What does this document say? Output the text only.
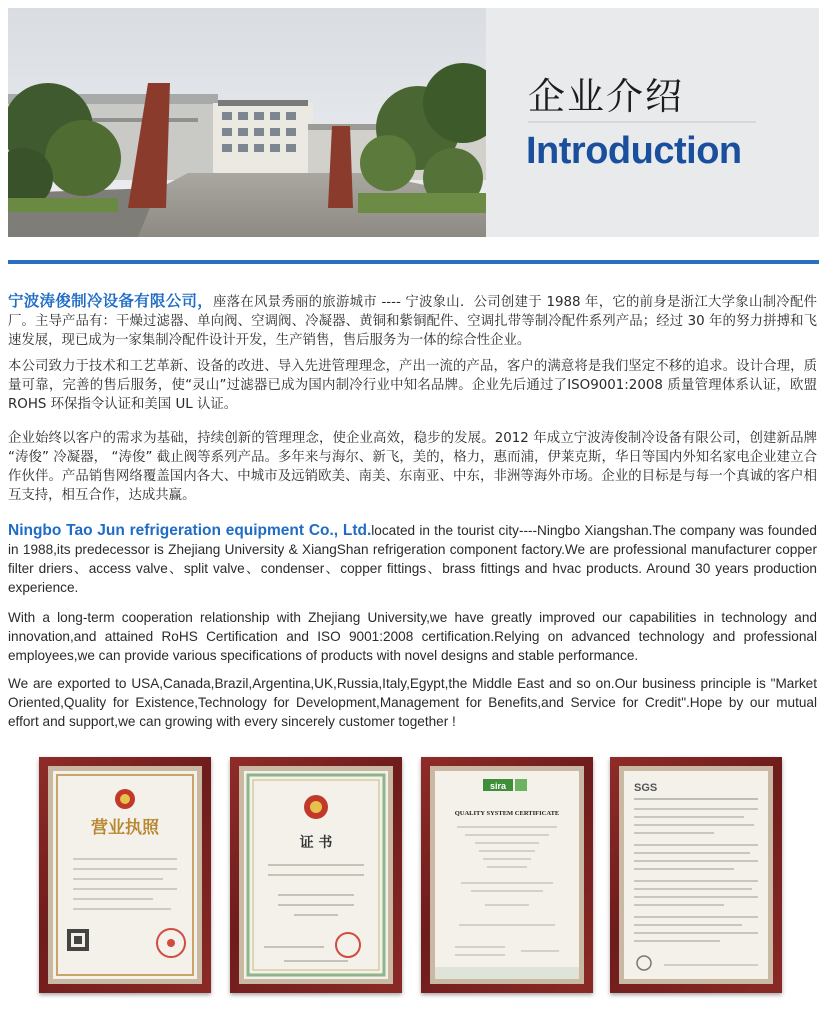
企业介绍
Introduction

宁波涛俊制冷设备有限公司，座落在风景秀丽的旅游城市 ---- 宁波象山．公司创建于 1988 年，它的前身是浙江大学象山制冷配件厂。主导产品有：干燥过滤器、单向阀、空调阀、冷凝器、黄铜和紫铜配件、空调扎带等制冷配件系列产品；经过 30 年的努力拼搏和飞速发展，现已成为一家集制冷配件设计开发，生产销售，售后服务为一体的综合性企业。

本公司致力于技术和工艺革新、设备的改进、导入先进管理理念，产出一流的产品，客户的满意将是我们坚定不移的追求。设计合理，质量可靠，完善的售后服务，使“灵山”过滤器已成为国内制冷行业中知名品牌。企业先后通过了ISO9001:2008 质量管理体系认证，欧盟 ROHS 环保指令认证和美国 UL 认证。

企业始终以客户的需求为基础，持续创新的管理理念，使企业高效，稳步的发展。2012 年成立宁波涛俊制冷设备有限公司，创建新品牌 “涛俊” 冷凝器， “涛俊” 截止阀等系列产品。多年来与海尔、新飞，美的，格力，惠而浦，伊莱克斯，华日等国内外知名家电企业建立合作伙伴。产品销售网络覆盖国内各大、中城市及远销欧美、南美、东南亚、中东，非洲等海外市场。企业的目标是与每一个真诚的客户相互支持，相互合作，达成共赢。

Ningbo Tao Jun refrigeration equipment Co., Ltd.located in the tourist city----Ningbo Xiangshan.The company was founded in 1988,its predecessor is Zhejiang University & XiangShan refrigeration component factory.We are professional manufacturer copper filter driers、access valve、split valve、condenser、copper fittings、brass fittings and hvac products. Around 30 years production experience.

With a long-term cooperation relationship with Zhejiang University,we have greatly improved our capabilities in technology and innovation,and attained RoHS Certification and ISO 9001:2008 certification.Relying on advanced technology and professional employees,we can provide various specifications of products with novel designs and stable performance.

We are exported to USA,Canada,Brazil,Argentina,UK,Russia,Italy,Egypt,the Middle East and so on.Our business principle is "Market Oriented,Quality for Existence,Technology for Development,Management for Benefits,and Service for Credit".Hope by our mutual effort and support,we can growing with every sincerely customer together !

营业执照
证 书
sira
QUALITY SYSTEM CERTIFICATE
SGS
